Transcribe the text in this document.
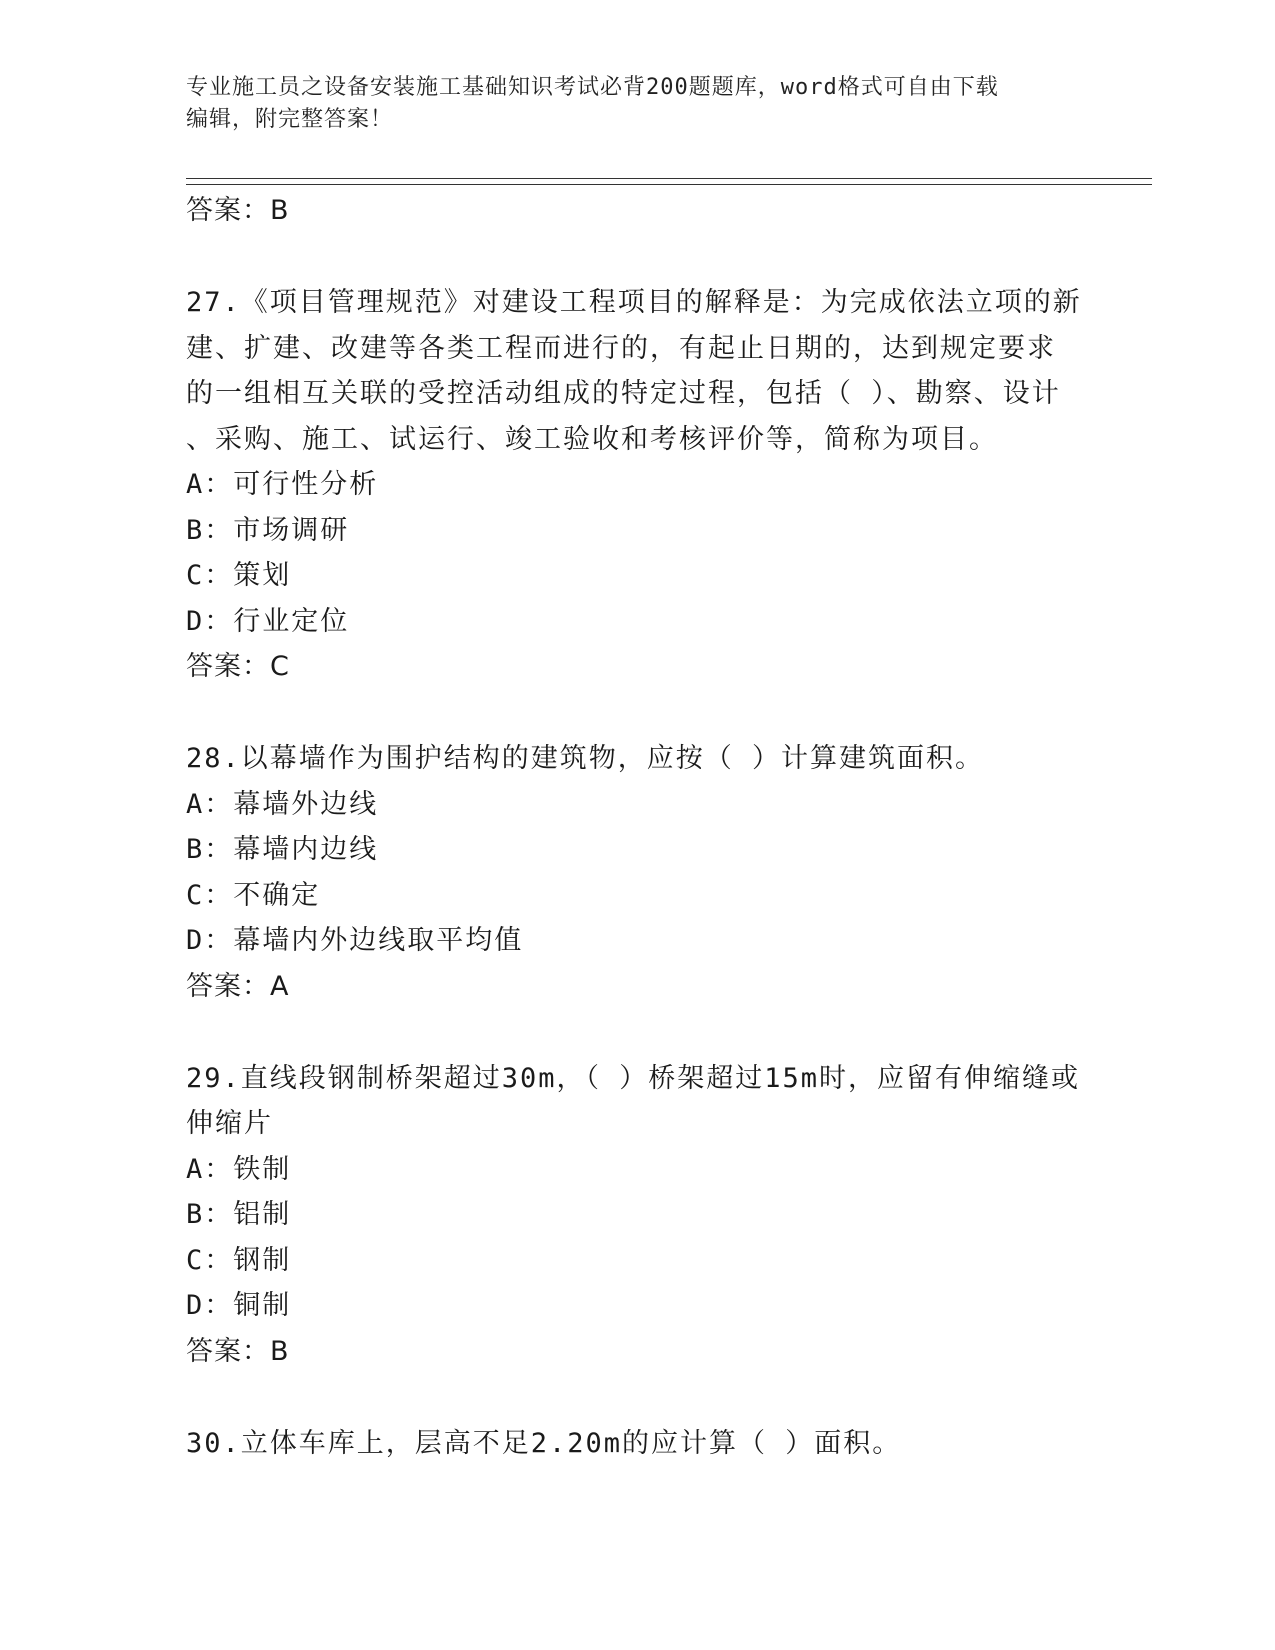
专业施工员之设备安装施工基础知识考试必背200题题库，word格式可自由下载
编辑，附完整答案！
答案：B
27.《项目管理规范》对建设工程项目的解释是：为完成依法立项的新
建、扩建、改建等各类工程而进行的，有起止日期的，达到规定要求
的一组相互关联的受控活动组成的特定过程，包括（ ）、勘察、设计
、采购、施工、试运行、竣工验收和考核评价等，简称为项目。
A：可行性分析
B：市场调研
C：策划
D：行业定位
答案：C
28.以幕墙作为围护结构的建筑物，应按（ ）计算建筑面积。
A：幕墙外边线
B：幕墙内边线
C：不确定
D：幕墙内外边线取平均值
答案：A
29.直线段钢制桥架超过30m，（ ）桥架超过15m时，应留有伸缩缝或
伸缩片
A：铁制
B：铝制
C：钢制
D：铜制
答案：B
30.立体车库上，层高不足2.20m的应计算（ ）面积。
